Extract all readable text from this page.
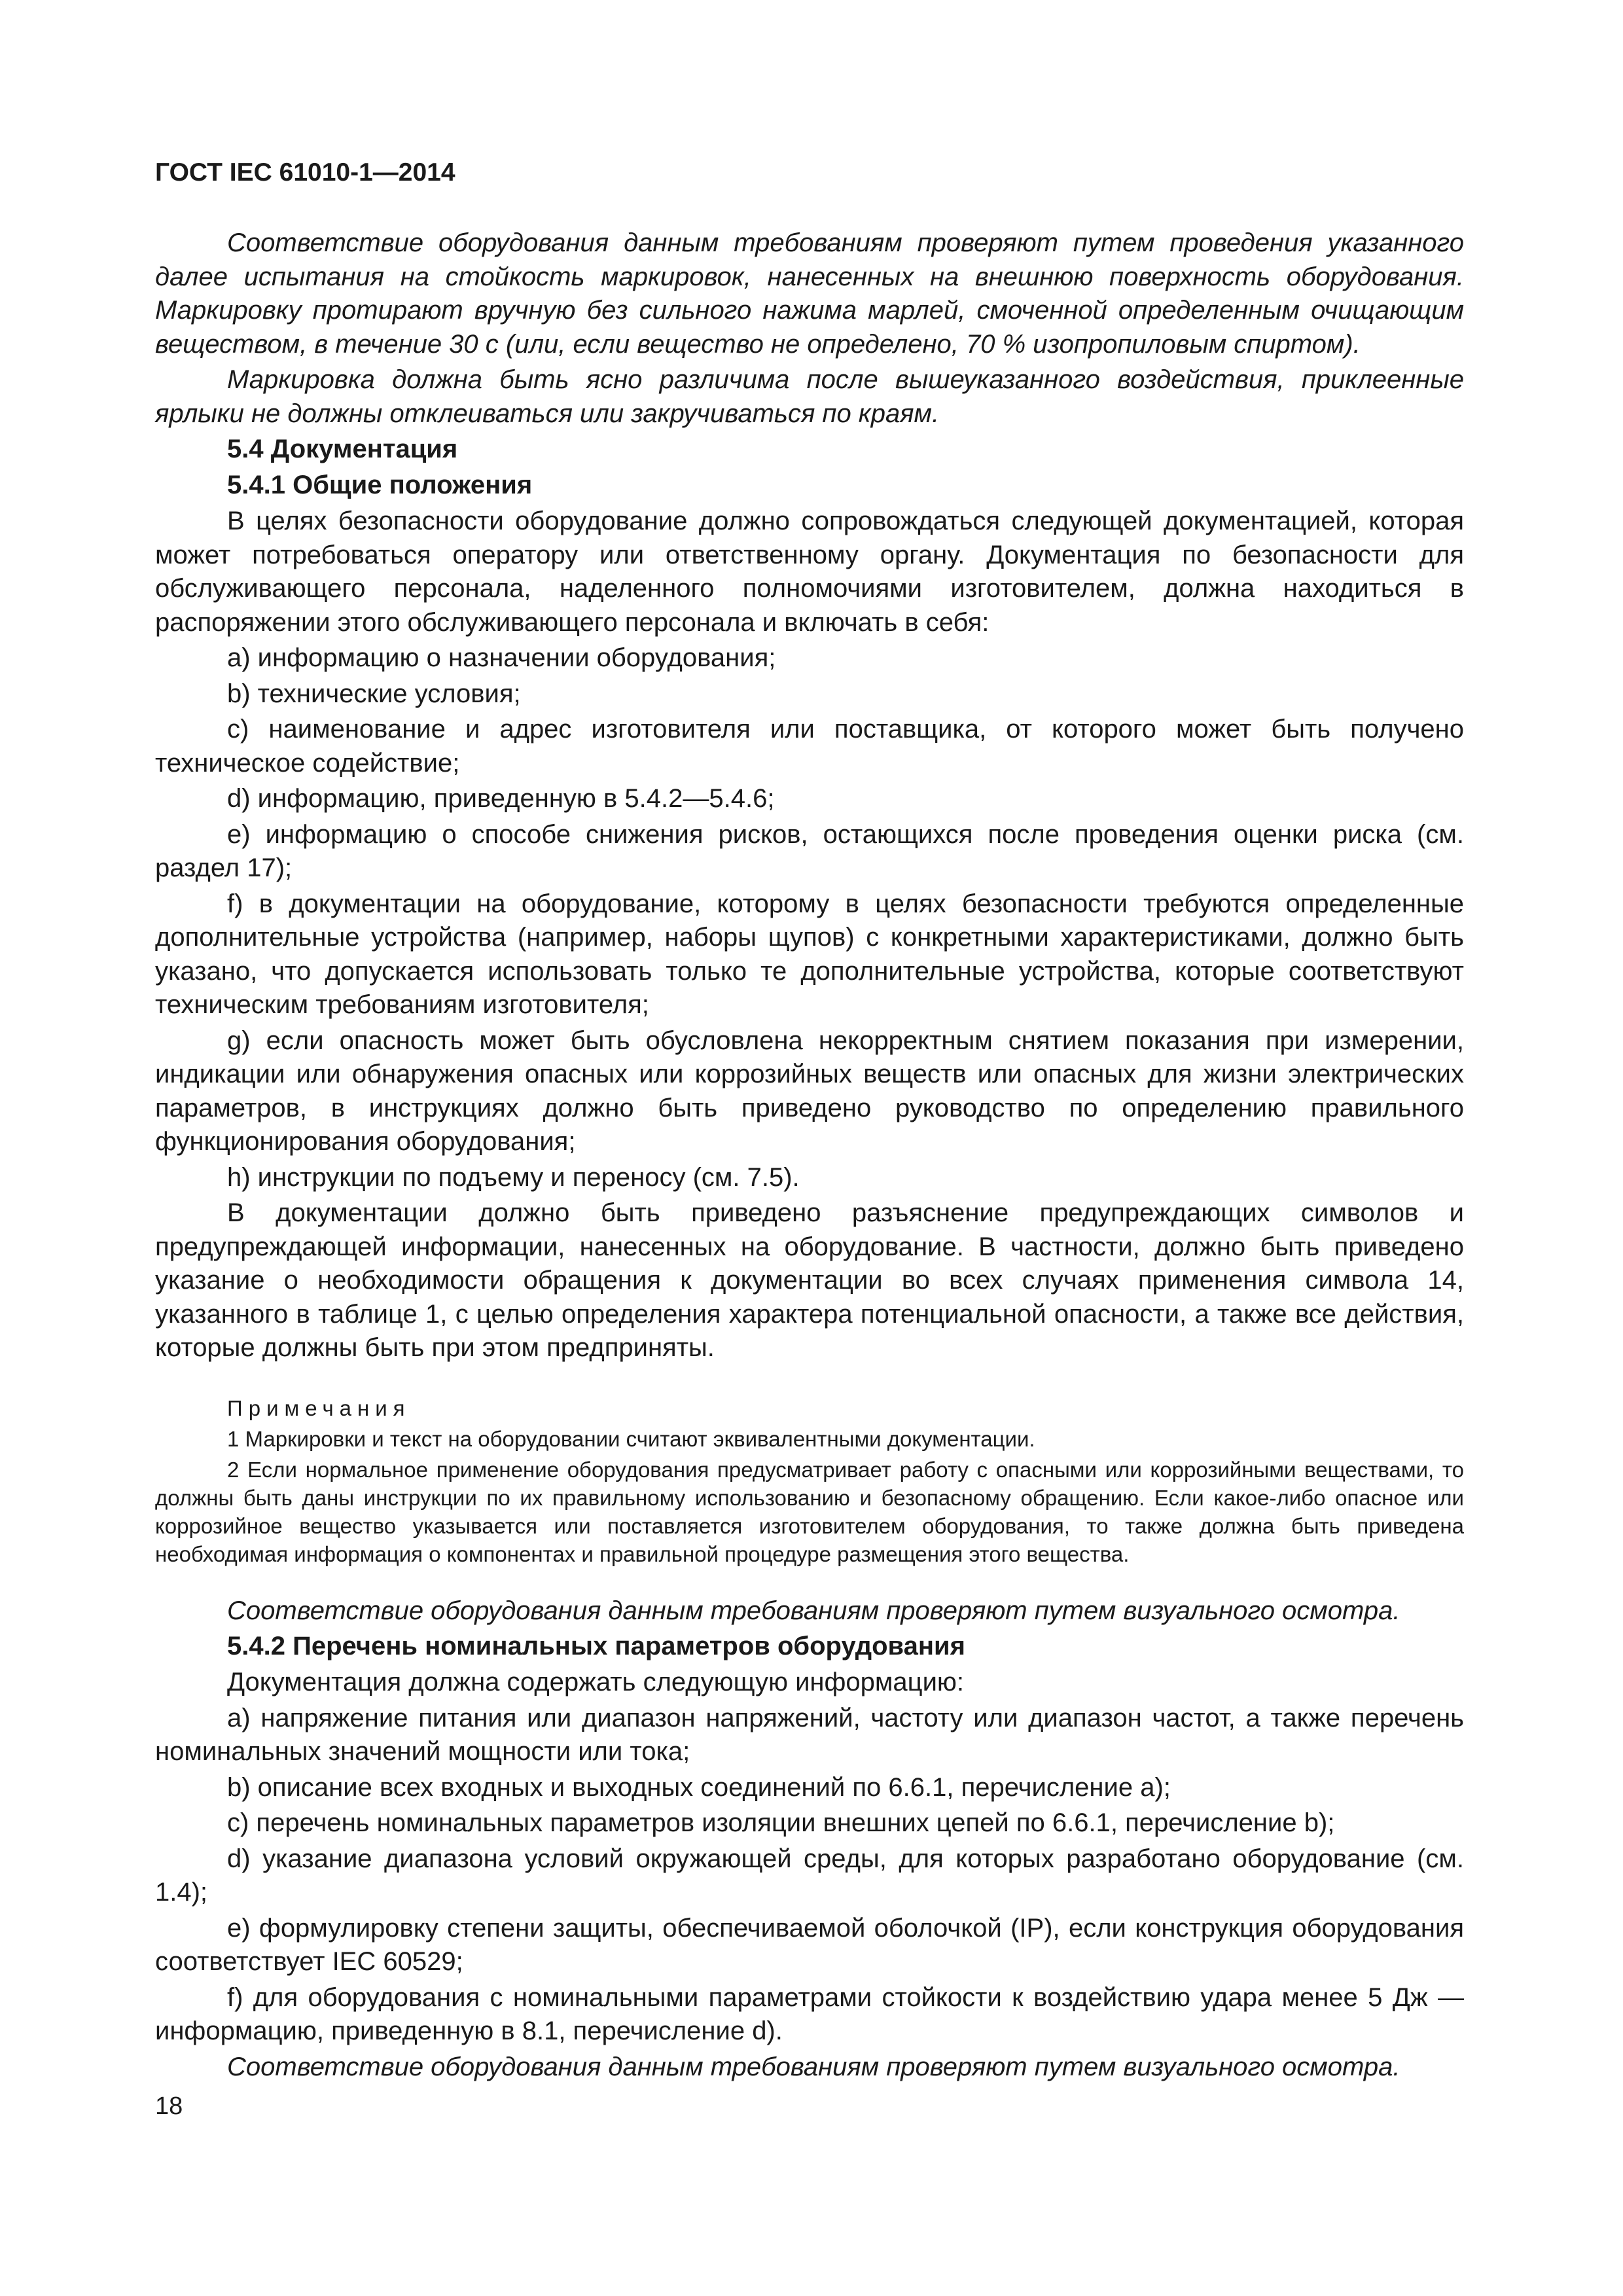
ГОСТ IEC 61010-1—2014

Соответствие оборудования данным требованиям проверяют путем проведения указанного далее испытания на стойкость маркировок, нанесенных на внешнюю поверхность оборудования. Маркировку протирают вручную без сильного нажима марлей, смоченной определенным очищающим веществом, в течение 30 с (или, если вещество не определено, 70 % изопропиловым спиртом).

Маркировка должна быть ясно различима после вышеуказанного воздействия, приклеенные ярлыки не должны отклеиваться или закручиваться по краям.

5.4 Документация
5.4.1 Общие положения

В целях безопасности оборудование должно сопровождаться следующей документацией, которая может потребоваться оператору или ответственному органу. Документация по безопасности для обслуживающего персонала, наделенного полномочиями изготовителем, должна находиться в распоряжении этого обслуживающего персонала и включать в себя:

a) информацию о назначении оборудования;

b) технические условия;

c) наименование и адрес изготовителя или поставщика, от которого может быть получено техническое содействие;

d) информацию, приведенную в 5.4.2—5.4.6;

e) информацию о способе снижения рисков, остающихся после проведения оценки риска (см. раздел 17);

f) в документации на оборудование, которому в целях безопасности требуются определенные дополнительные устройства (например, наборы щупов) с конкретными характеристиками, должно быть указано, что допускается использовать только те дополнительные устройства, которые соответствуют техническим требованиям изготовителя;

g) если опасность может быть обусловлена некорректным снятием показания при измерении, индикации или обнаружения опасных или коррозийных веществ или опасных для жизни электрических параметров, в инструкциях должно быть приведено руководство по определению правильного функционирования оборудования;

h) инструкции по подъему и переносу (см. 7.5).

В документации должно быть приведено разъяснение предупреждающих символов и предупреждающей информации, нанесенных на оборудование. В частности, должно быть приведено указание о необходимости обращения к документации во всех случаях применения символа 14, указанного в таблице 1, с целью определения характера потенциальной опасности, а также все действия, которые должны быть при этом предприняты.

Примечания
1 Маркировки и текст на оборудовании считают эквивалентными документации.
2 Если нормальное применение оборудования предусматривает работу с опасными или коррозийными веществами, то должны быть даны инструкции по их правильному использованию и безопасному обращению. Если какое-либо опасное или коррозийное вещество указывается или поставляется изготовителем оборудования, то также должна быть приведена необходимая информация о компонентах и правильной процедуре размещения этого вещества.

Соответствие оборудования данным требованиям проверяют путем визуального осмотра.

5.4.2 Перечень номинальных параметров оборудования

Документация должна содержать следующую информацию:

a) напряжение питания или диапазон напряжений, частоту или диапазон частот, а также перечень номинальных значений мощности или тока;

b) описание всех входных и выходных соединений по 6.6.1, перечисление a);

c) перечень номинальных параметров изоляции внешних цепей по 6.6.1, перечисление b);

d) указание диапазона условий окружающей среды, для которых разработано оборудование (см. 1.4);

e) формулировку степени защиты, обеспечиваемой оболочкой (IP), если конструкция оборудования соответствует IEC 60529;

f) для оборудования с номинальными параметрами стойкости к воздействию удара менее 5 Дж — информацию, приведенную в 8.1, перечисление d).

Соответствие оборудования данным требованиям проверяют путем визуального осмотра.

18
